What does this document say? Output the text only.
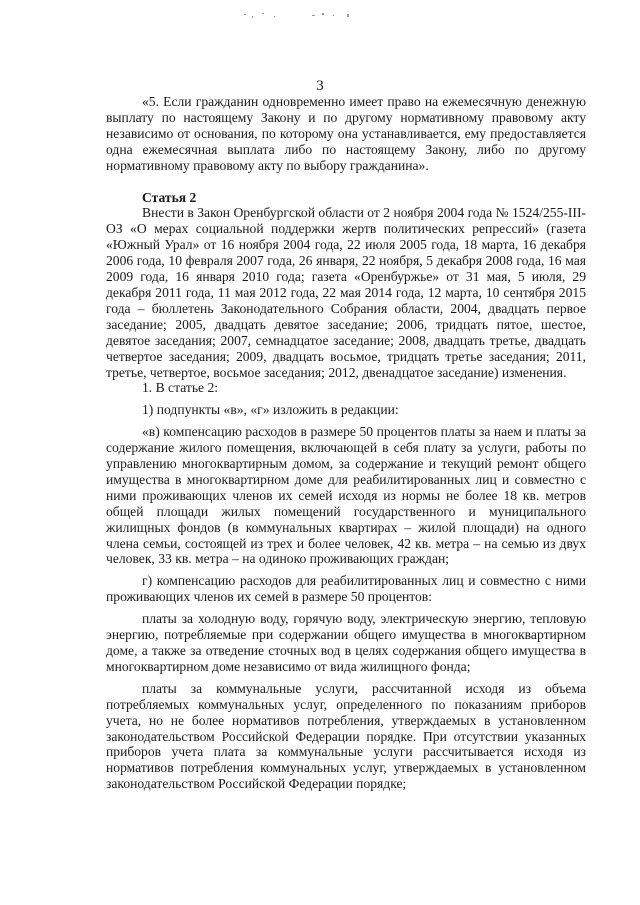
3

«5. Если гражданин одновременно имеет право на ежемесячную денежную выплату по настоящему Закону и по другому нормативному правовому акту независимо от основания, по которому она устанавливается, ему предоставляется одна ежемесячная выплата либо по настоящему Закону, либо по другому нормативному правовому акту по выбору гражданина».

Статья 2

Внести в Закон Оренбургской области от 2 ноября 2004 года № 1524/255-III-ОЗ «О мерах социальной поддержки жертв политических репрессий» (газета «Южный Урал» от 16 ноября 2004 года, 22 июля 2005 года, 18 марта, 16 декабря 2006 года, 10 февраля 2007 года, 26 января, 22 ноября, 5 декабря 2008 года, 16 мая 2009 года, 16 января 2010 года; газета «Оренбуржье» от 31 мая, 5 июля, 29 декабря 2011 года, 11 мая 2012 года, 22 мая 2014 года, 12 марта, 10 сентября 2015 года – бюллетень Законодательного Собрания области, 2004, двадцать первое заседание; 2005, двадцать девятое заседание; 2006, тридцать пятое, шестое, девятое заседания; 2007, семнадцатое заседание; 2008, двадцать третье, двадцать четвертое заседания; 2009, двадцать восьмое, тридцать третье заседания; 2011, третье, четвертое, восьмое заседания; 2012, двенадцатое заседание) изменения.

1. В статье 2:

1) подпункты «в», «г» изложить в редакции:

«в) компенсацию расходов в размере 50 процентов платы за наем и платы за содержание жилого помещения, включающей в себя плату за услуги, работы по управлению многоквартирным домом, за содержание и текущий ремонт общего имущества в многоквартирном доме для реабилитированных лиц и совместно с ними проживающих членов их семей исходя из нормы не более 18 кв. метров общей площади жилых помещений государственного и муниципального жилищных фондов (в коммунальных квартирах – жилой площади) на одного члена семьи, состоящей из трех и более человек, 42 кв. метра – на семью из двух человек, 33 кв. метра – на одиноко проживающих граждан;

г) компенсацию расходов для реабилитированных лиц и совместно с ними проживающих членов их семей в размере 50 процентов:

платы за холодную воду, горячую воду, электрическую энергию, тепловую энергию, потребляемые при содержании общего имущества в многоквартирном доме, а также за отведение сточных вод в целях содержания общего имущества в многоквартирном доме независимо от вида жилищного фонда;

платы за коммунальные услуги, рассчитанной исходя из объема потребляемых коммунальных услуг, определенного по показаниям приборов учета, но не более нормативов потребления, утверждаемых в установленном законодательством Российской Федерации порядке. При отсутствии указанных приборов учета плата за коммунальные услуги рассчитывается исходя из нормативов потребления коммунальных услуг, утверждаемых в установленном законодательством Российской Федерации порядке;
